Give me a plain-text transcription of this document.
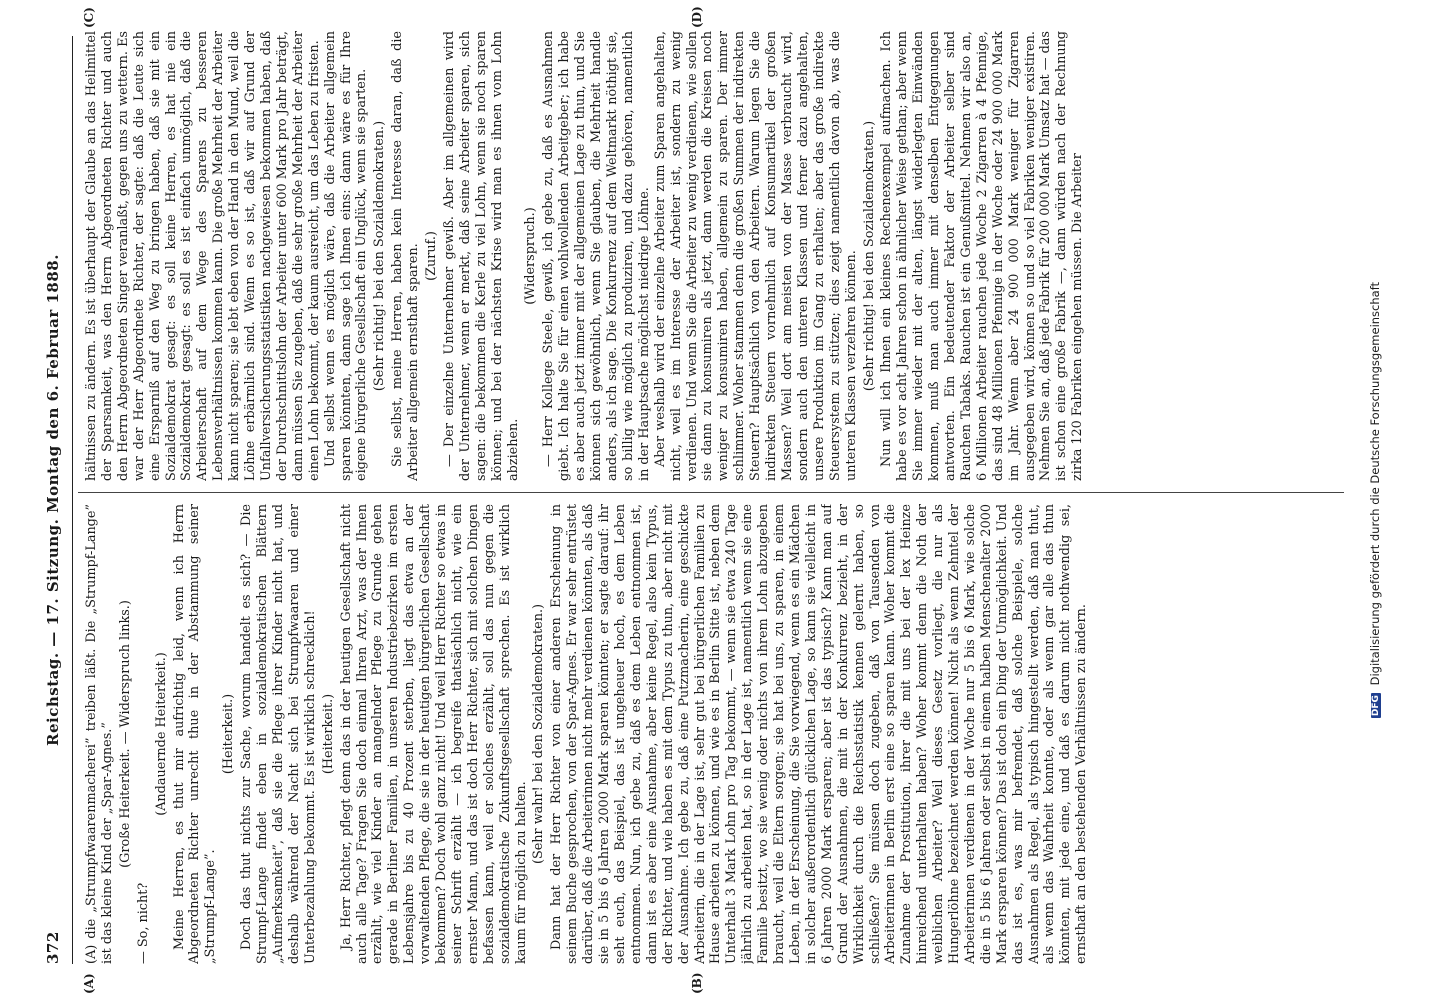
372
Reichstag. — 17. Sitzung. Montag den 6. Februar 1888. (A) die „Strumpfwaarenmacherei” treiben läßt. Die „Strumpf-Lange” ist das kleine Kind der „Spar-Agnes.” (Große Heiterkeit. — Widerspruch links.)

— So, nicht?

(Andauernde Heiterkeit.) Meine Herren, es thut mir aufrichtig leid, wenn ich Herrn Abgeordneten Richter unrecht thue in der Abstammung seiner „Strumpf-Lange”.

(Heiterkeit.) Doch das thut nichts zur Sache, worum handelt es sich? — Die Strumpf-Lange findet eben in sozialdemokratischen Blättern „Aufmerksamkeit”, daß sie die Pflege ihrer Kinder nicht hat, und deshalb während der Nacht sich bei Strumpfwaaren und einer Unterbezahlung bekommt. Es ist wirklich schrecklich! (Heiterkeit.) Ja, Herr Richter, pflegt denn das in der heutigen Gesellschaft nicht auch alle Tage? Fragen Sie doch einmal Ihren Arzt, was der Ihnen erzählt, wie viel Kinder an mangelnder Pflege zu Grunde gehen gerade in Berliner Familien, in unseren Industriebezirken im ersten Lebensjahre bis zu 40 Prozent sterben, liegt das etwa an der vorwaltenden Pflege, die sie in der heutigen bürgerlichen Gesellschaft bekommen? Doch wohl ganz nicht! Und weil Herr Richter so etwas in seiner Schrift erzählt — ich begreife thatsächlich nicht, wie ein ernster Mann, und das ist doch Herr Richter, sich mit solchen Dingen befassen kann, weil er solches erzählt, soll das nun gegen die sozialdemokratische Zukunftsgesellschaft sprechen. Es ist wirklich kaum für möglich zu halten.

(Sehr wahr! bei den Sozialdemokraten.) Dann hat der Herr Richter von einer anderen Erscheinung in seinem Buche gesprochen, von der Spar-Agnes. Er war sehr entrüstet darüber, daß die Arbeiterinnen nicht mehr verdienen könnten, als daß sie in 5 bis 6 Jahren 2000 Mark sparen könnten; er sagte darauf: ihr seht euch, das Beispiel, das ist ungeheuer hoch, es dem Leben entnommen. Nun, ich gebe zu, daß es dem Leben entnommen ist, dann ist es aber eine Ausnahme, aber keine Regel, also kein Typus, der Richter, und wie haben es mit dem Typus zu thun, aber nicht mit der Ausnahme. Ich gebe zu, daß eine Putzmacherin, eine geschickte Arbeiterin, die in der Lage ist, sehr gut bei bürgerlichen Familien zu Hause arbeiten zu können, und wie es in Berlin Sitte ist, neben dem Unterhalt 3 Mark Lohn pro Tag bekommt, — wenn sie etwa 240 Tage jährlich zu arbeiten hat, so in der Lage ist, namentlich wenn sie eine Familie besitzt, wo sie wenig oder nichts von ihrem Lohn abzugeben braucht, weil die Eltern sorgen; sie hat bei uns, zu sparen, in einem Leben, in der Erscheinung, die Sie vorwiegend, wenn es ein Mädchen in solcher außerordentlich glücklichen Lage, so kann sie vielleicht in 6 Jahren 2000 Mark ersparen; aber ist das typisch? Kann man auf Grund der Ausnahmen, die mit in der Konkurrenz bezieht, in der Wirklichkeit durch die Reichsstatistik kennen gelernt haben, so schließen? Sie müssen doch zugeben, daß von Tausenden von Arbeiterinnen in Berlin erst eine so sparen kann. Woher kommt die Zunahme der Prostitution, ihrer die mit uns bei der lex Heinze hinreichend unterhalten haben? Woher kommt denn die Noth der weiblichen Arbeiter? Weil dieses Gesetz vorliegt, die nur als Hungerlöhne bezeichnet werden können! Nicht als wenn Zehntel der Arbeiterinnen verdienen in der Woche nur 5 bis 6 Mark, wie solche die in 5 bis 6 Jahren oder selbst in einem halben Menschenalter 2000 Mark ersparen können? Das ist doch ein Ding der Unmöglichkeit. Und das ist es, was mir befremdet, daß solche Beispiele, solche Ausnahmen als Regel, als typisch hingestellt werden, daß man thut, als wenn das Wahrheit konnte, oder als wenn gar alle das thun könnten, mit jede eine, und daß es darum nicht nothwendig sei, ernsthaft an den bestehenden Verhältnissen zu ändern.

hältnissen zu ändern. Es ist überhaupt der Glaube an das Heilmittel der Sparsamkeit, was den Herrn Abgeordneten Richter und auch den Herrn Abgeordneten Singer veranlaßt, gegen uns zu wettern. Es war der Herr Abgeordnete Richter, der sagte: daß die Leute sich eine Ersparniß auf den Weg zu bringen haben, daß sie mit ein Sozialdemokrat gesagt: es soll keine Herren, es hat nie ein Sozialdemokrat gesagt: es soll es ist einfach unmöglich, daß die Arbeiterschaft auf dem Wege des Sparens zu besseren Lebensverhältnissen kommen kann. Die große Mehrheit der Arbeiter kann nicht sparen; sie lebt eben von der Hand in den Mund, weil die Löhne erbärmlich sind. Wenn es so ist, daß wir auf Grund der Unfallversicherungsstatistiken nachgewiesen bekommen haben, daß der Durchschnittslohn der Arbeiter unter 600 Mark pro Jahr beträgt, dann müssen Sie zugeben, daß die sehr große Mehrheit der Arbeiter einen Lohn bekommt, der kaum ausreicht, um das Leben zu fristen. Und selbst wenn es möglich wäre, daß die Arbeiter allgemein sparen könnten, dann sage ich Ihnen eins: dann wäre es für Ihre eigene bürgerliche Gesellschaft ein Unglück, wenn sie sparten. (Sehr richtig! bei den Sozialdemokraten.) Sie selbst, meine Herren, haben kein Interesse daran, daß die Arbeiter allgemein ernsthaft sparen. (Zuruf.) — Der einzelne Unternehmer gewiß. Aber im allgemeinen wird der Unternehmer, wenn er merkt, daß seine Arbeiter sparen, sich sagen: die bekommen die Kerle zu viel Lohn, wenn sie noch sparen können; und bei der nächsten Krise wird man es ihnen vom Lohn abziehen.

(Widerspruch.) — Herr Kollege Steele, gewiß, ich gebe zu, daß es Ausnahmen giebt. Ich halte Sie für einen wohlwollenden Arbeitgeber; ich habe es aber auch jetzt immer mit der allgemeinen Lage zu thun, und Sie können sich gewöhnlich, wenn Sie glauben, die Mehrheit handle anders, als ich sage. Die Konkurrenz auf dem Weltmarkt nöthigt sie, so billig wie möglich zu produziren, und dazu gehören, namentlich in der Hauptsache möglichst niedrige Löhne. Aber weshalb wird der einzelne Arbeiter zum Sparen angehalten, nicht, weil es im Interesse der Arbeiter ist, sondern zu wenig verdienen. Und wenn Sie die Arbeiter zu wenig verdienen, wie sollen sie dann zu konsumiren als jetzt, dann werden die Kreisen noch weniger zu konsumiren haben, allgemein zu sparen. Der immer schlimmer. Woher stammen denn die großen Summen der indirekten Steuern? Hauptsächlich von den Arbeitern. Warum legen Sie die indirekten Steuern vornehmlich auf Konsumartikel der großen Massen? Weil dort am meisten von der Masse verbraucht wird, sondern auch den unteren Klassen und ferner dazu angehalten, unsere Produktion im Gang zu erhalten; aber das große indirekte Steuersystem zu stützen; dies zeigt namentlich davon ab, was die unteren Klassen verzehren können. (Sehr richtig! bei den Sozialdemokraten.) Nun will ich Ihnen ein kleines Rechenexempel aufmachen. Ich habe es vor acht Jahren schon in ähnlicher Weise gethan; aber wenn Sie immer wieder mit der alten, längst widerlegten Einwänden kommen, muß man auch immer mit denselben Entgegnungen antworten. Ein bedeutender Faktor der Arbeiter selber sind Rauchen Tabaks. Rauchen ist ein Genußmittel. Nehmen wir also an, 6 Millionen Arbeiter rauchen jede Woche 2 Zigarren à 4 Pfennige, das sind 48 Millionen Pfennige in der Woche oder 24 900 000 Mark im Jahr. Wenn aber 24 900 000 Mark weniger für Zigarren ausgegeben wird, können so und so viel Fabriken weniger existiren. Nehmen Sie an, daß jede Fabrik für 200 000 Mark Umsatz hat — das ist schon eine große Fabrik —, dann würden nach der Rechnung zirka 120 Fabriken eingehen müssen. Die Arbeiter

(A)	(B)
(C)	(D)
DFG Digitalisierung gefördert durch die Deutsche Forschungsgemeinschaft
